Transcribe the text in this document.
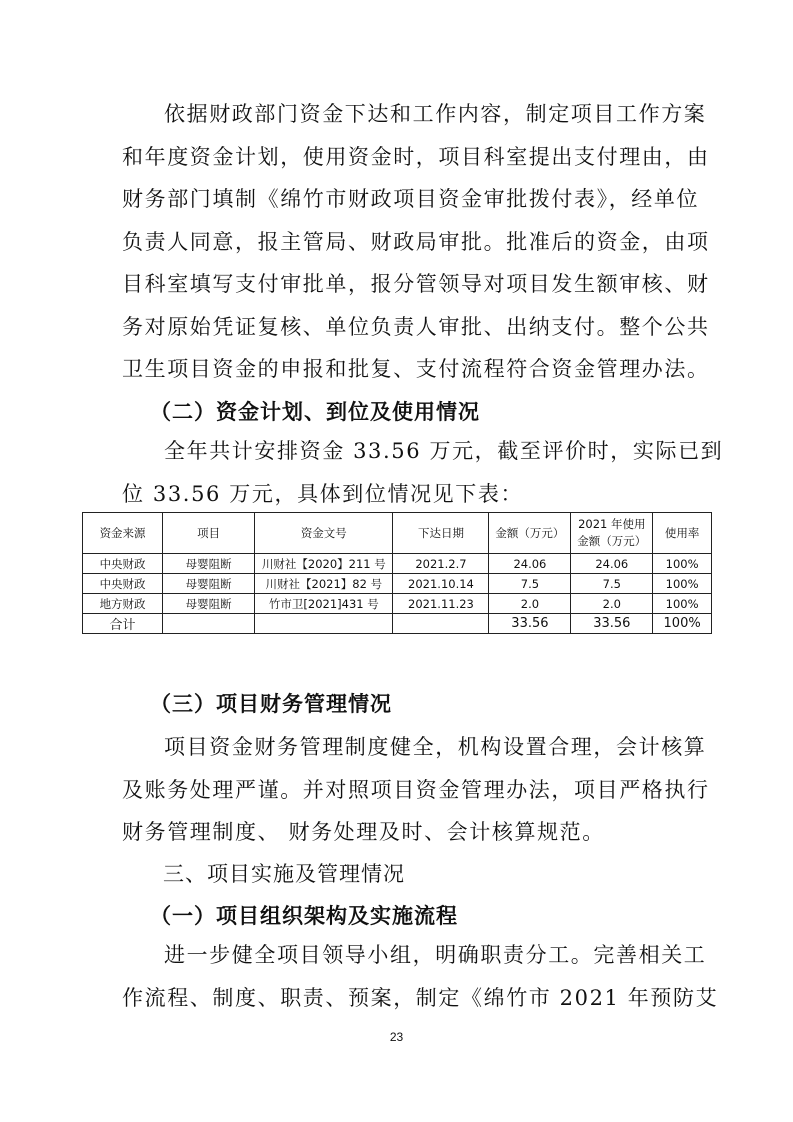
依据财政部门资金下达和工作内容，制定项目工作方案
和年度资金计划，使用资金时，项目科室提出支付理由，由
财务部门填制《绵竹市财政项目资金审批拨付表》，经单位
负责人同意，报主管局、财政局审批。批准后的资金，由项
目科室填写支付审批单，报分管领导对项目发生额审核、财
务对原始凭证复核、单位负责人审批、出纳支付。整个公共
卫生项目资金的申报和批复、支付流程符合资金管理办法。
（二）资金计划、到位及使用情况
全年共计安排资金 33.56 万元，截至评价时，实际已到
位 33.56 万元，具体到位情况见下表：
资金来源	项目	资金文号	下达日期	金额（万元）	2021 年使用金额（万元）	使用率
中央财政	母婴阻断	川财社【2020】211 号	2021.2.7	24.06	24.06	100%
中央财政	母婴阻断	川财社【2021】82 号	2021.10.14	7.5	7.5	100%
地方财政	母婴阻断	竹市卫[2021]431 号	2021.11.23	2.0	2.0	100%
合计				33.56	33.56	100%
（三）项目财务管理情况
项目资金财务管理制度健全，机构设置合理，会计核算
及账务处理严谨。并对照项目资金管理办法，项目严格执行
财务管理制度、 财务处理及时、会计核算规范。
三、项目实施及管理情况
（一）项目组织架构及实施流程
进一步健全项目领导小组，明确职责分工。完善相关工
作流程、制度、职责、预案，制定《绵竹市 2021 年预防艾
23
